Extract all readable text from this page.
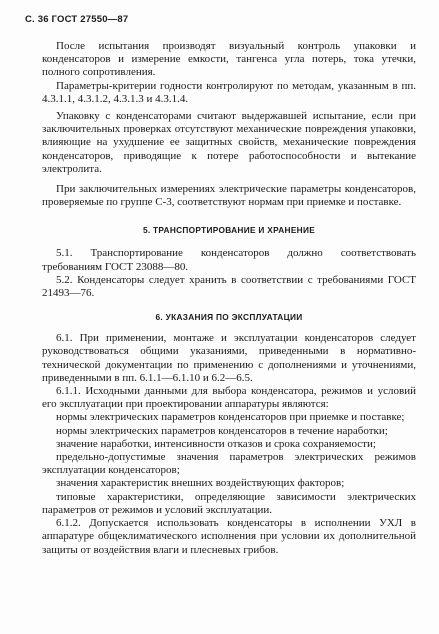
С. 36 ГОСТ 27550—87

После испытания производят визуальный контроль упаковки и конденсаторов и измерение емкости, тангенса угла потерь, тока утечки, полного сопротивления.

Параметры-критерии годности контролируют по методам, указанным в пп. 4.3.1.1, 4.3.1.2, 4.3.1.3 и 4.3.1.4.

Упаковку с конденсаторами считают выдержавшей испытание, если при заключительных проверках отсутствуют механические повреждения упаковки, влияющие на ухудшение ее защитных свойств, механические повреждения конденсаторов, приводящие к потере работоспособности и вытекание электролита.

При заключительных измерениях электрические параметры конденсаторов, проверяемые по группе С-3, соответствуют нормам при приемке и поставке.

5. ТРАНСПОРТИРОВАНИЕ И ХРАНЕНИЕ

5.1. Транспортирование конденсаторов должно соответствовать требованиям ГОСТ 23088—80.

5.2. Конденсаторы следует хранить в соответствии с требованиями ГОСТ 21493—76.

6. УКАЗАНИЯ ПО ЭКСПЛУАТАЦИИ

6.1. При применении, монтаже и эксплуатации конденсаторов следует руководствоваться общими указаниями, приведенными в нормативно-технической документации по применению с дополнениями и уточнениями, приведенными в пп. 6.1.1—6.1.10 и 6.2—6.5.

6.1.1. Исходными данными для выбора конденсатора, режимов и условий его эксплуатации при проектировании аппаратуры являются:

нормы электрических параметров конденсаторов при приемке и поставке;

нормы электрических параметров конденсаторов в течение наработки;

значение наработки, интенсивности отказов и срока сохраняемости;

предельно-допустимые значения параметров электрических режимов эксплуатации конденсаторов;

значения характеристик внешних воздействующих факторов;

типовые характеристики, определяющие зависимости электрических параметров от режимов и условий эксплуатации.

6.1.2. Допускается использовать конденсаторы в исполнении УХЛ в аппаратуре общеклиматического исполнения при условии их дополнительной защиты от воздействия влаги и плесневых грибов.
